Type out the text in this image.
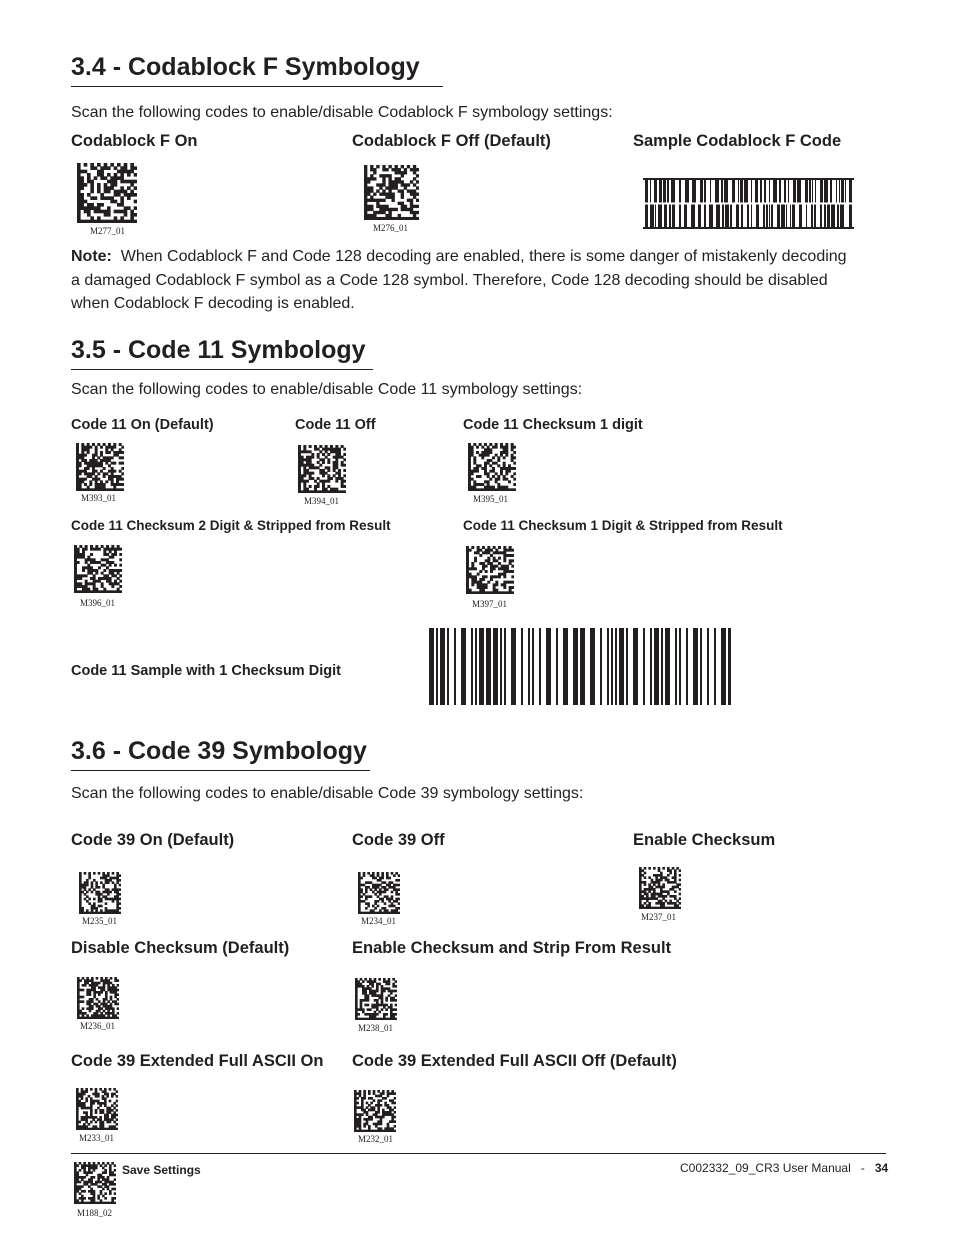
3.4 - Codablock F Symbology
Scan the following codes to enable/disable Codablock F symbology settings:
Codablock F On	Codablock F Off (Default)	Sample Codablock F Code
M277_01	M276_01
Note: When Codablock F and Code 128 decoding are enabled, there is some danger of mistakenly decoding a damaged Codablock F symbol as a Code 128 symbol. Therefore, Code 128 decoding should be disabled when Codablock F decoding is enabled.
3.5 - Code 11 Symbology
Scan the following codes to enable/disable Code 11 symbology settings:
Code 11 On (Default)	Code 11 Off	Code 11 Checksum 1 digit
M393_01	M394_01	M395_01
Code 11 Checksum 2 Digit & Stripped from Result	Code 11 Checksum 1 Digit & Stripped from Result
M396_01	M397_01
Code 11 Sample with 1 Checksum Digit
3.6 - Code 39 Symbology
Scan the following codes to enable/disable Code 39 symbology settings:
Code 39 On (Default)	Code 39 Off	Enable Checksum
M235_01	M234_01	M237_01
Disable Checksum (Default)	Enable Checksum and Strip From Result
M236_01	M238_01
Code 39 Extended Full ASCII On Code 39 Extended Full ASCII Off (Default)
M233_01	M232_01
M188_02
Save Settings	C002332_09_CR3 User Manual - 34
